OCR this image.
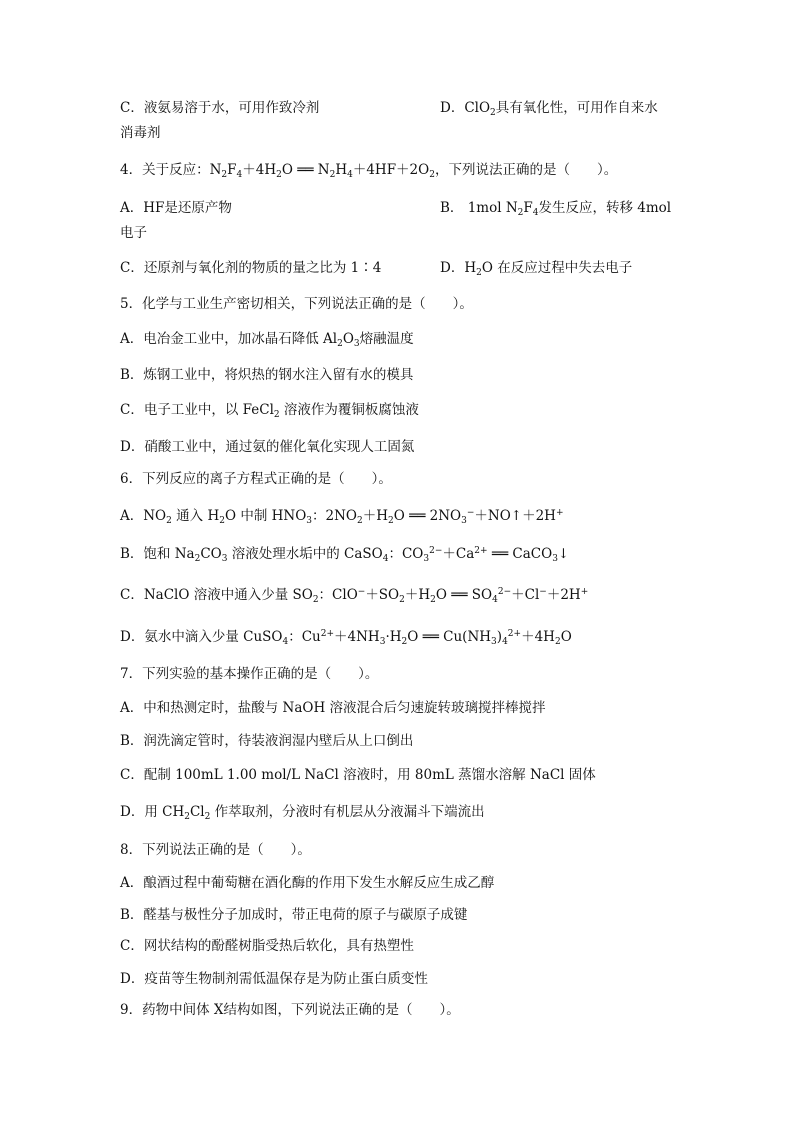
C．液氨易溶于水，可用作致冷剂	D．ClO$_2$具有氧化性，可用作自来水
消毒剂
4．关于反应：$N_2F_4+4H_2O$ ══ $N_2H_4+4HF+2O_2$，下列说法正确的是（　　）。
A．HF是还原产物	B． 1mol $N_2F_4$发生反应，转移 4mol
电子
C．还原剂与氧化剂的物质的量之比为 1∶4	D．$H_2O$ 在反应过程中失去电子
5．化学与工业生产密切相关，下列说法正确的是（　　）。
A．电冶金工业中，加冰晶石降低 $Al_2O_3$熔融温度
B．炼钢工业中，将炽热的钢水注入留有水的模具
C．电子工业中，以 FeCl$_2$ 溶液作为覆铜板腐蚀液
D．硝酸工业中，通过氨的催化氧化实现人工固氮
6．下列反应的离子方程式正确的是（　　）。
A．$NO_2$ 通入 $H_2O$ 中制 $HNO_3$：$2NO_2+H_2O$ ══ $2NO_3^-+NO↑+2H^+$
B．饱和 $Na_2CO_3$ 溶液处理水垢中的 CaSO$_4$：$CO_3^{2-}+Ca^{2+}$ ══ CaCO$_3$↓
C．NaClO 溶液中通入少量 $SO_2$：$ClO^-+SO_2+H_2O$ ══ $SO_4^{2-}+Cl^-+2H^+$
D．氨水中滴入少量 CuSO$_4$：$Cu^{2+}+4NH_3\cdot H_2O$ ══ $Cu(NH_3)_4^{2+}+4H_2O$
7．下列实验的基本操作正确的是（　　）。
A．中和热测定时，盐酸与 NaOH 溶液混合后匀速旋转玻璃搅拌棒搅拌
B．润洗滴定管时，待装液润湿内壁后从上口倒出
C．配制 100mL 1.00 mol/L NaCl 溶液时，用 80mL 蒸馏水溶解 NaCl 固体
D．用 $CH_2Cl_2$ 作萃取剂，分液时有机层从分液漏斗下端流出
8．下列说法正确的是（　　）。
A．酿酒过程中葡萄糖在酒化酶的作用下发生水解反应生成乙醇
B．醛基与极性分子加成时，带正电荷的原子与碳原子成键
C．网状结构的酚醛树脂受热后软化，具有热塑性
D．疫苗等生物制剂需低温保存是为防止蛋白质变性
9．药物中间体 X结构如图，下列说法正确的是（　　）。
